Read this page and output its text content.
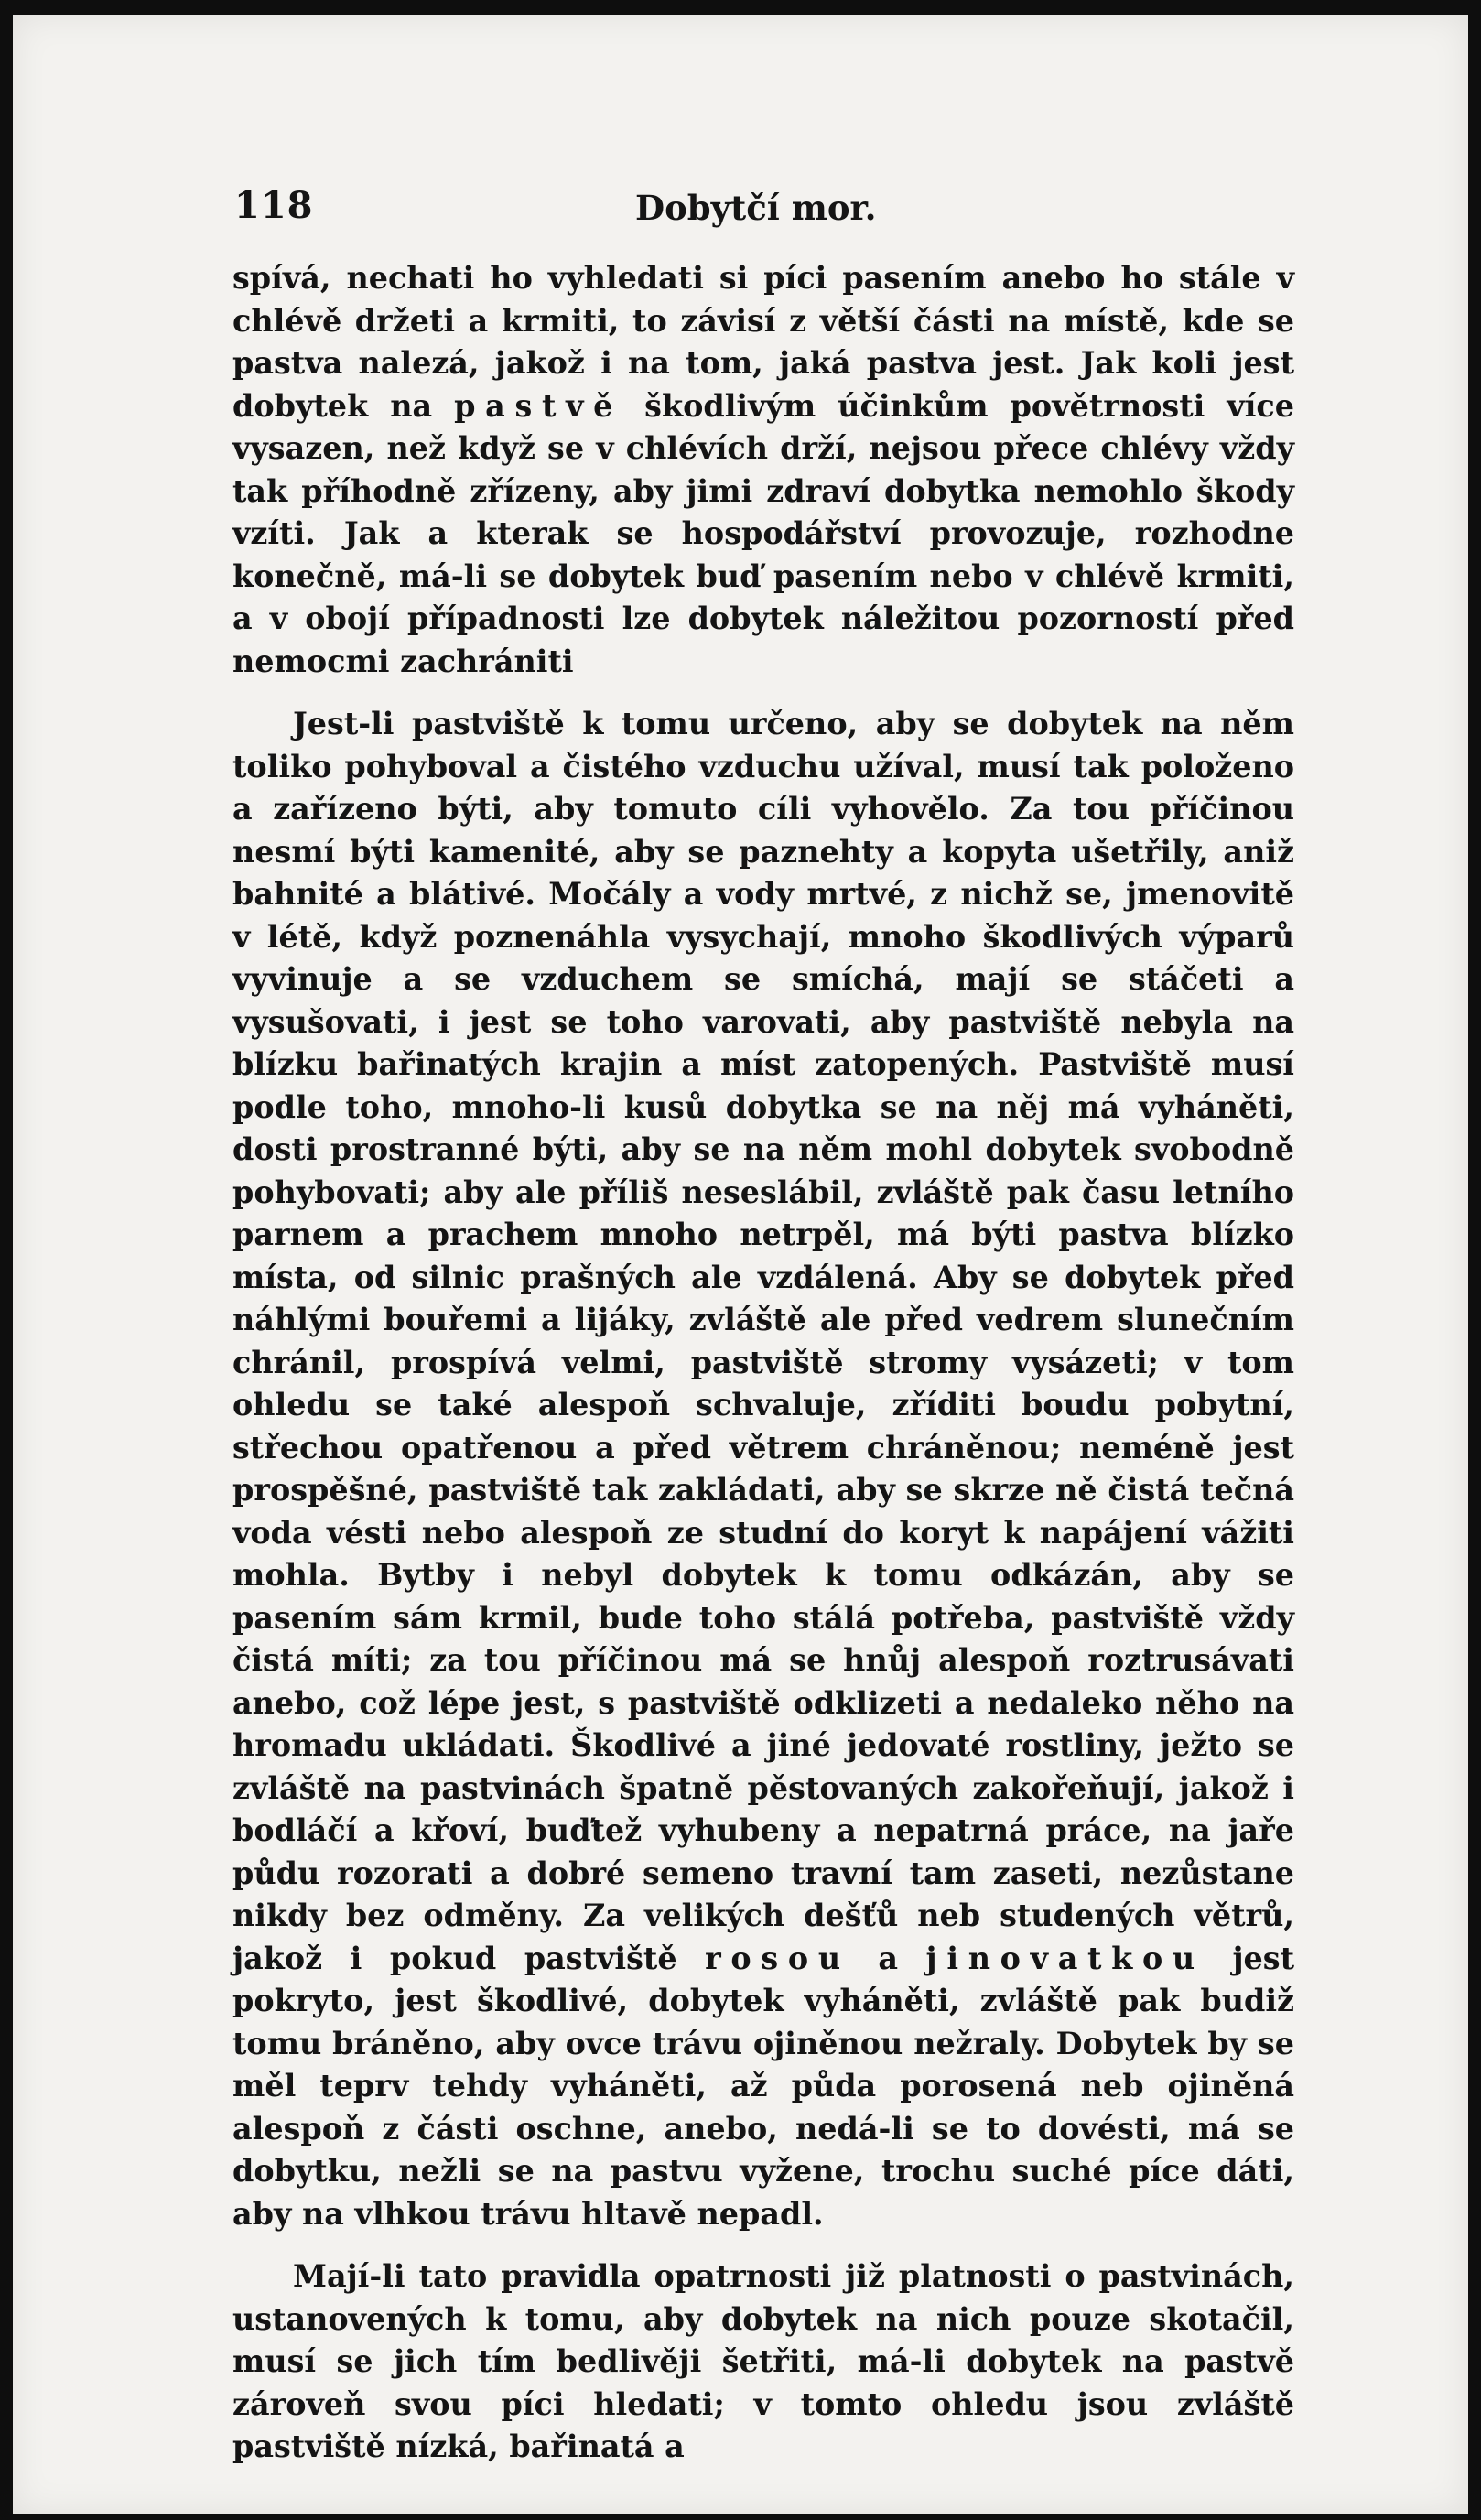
118	Dobytčí mor.

spívá, nechati ho vyhledati si píci pasením anebo ho stále v chlévě držeti a krmiti, to závisí z větší části na místě, kde se pastva nalezá, jakož i na tom, jaká pastva jest. Jak koli jest dobytek na pastvě škodlivým účinkům povětrnosti více vysazen, než když se v chlévích drží, nejsou přece chlévy vždy tak příhodně zřízeny, aby jimi zdraví dobytka nemohlo škody vzíti. Jak a kterak se hospodářství provozuje, rozhodne konečně, má-li se dobytek buď pasením nebo v chlévě krmiti, a v obojí případnosti lze dobytek náležitou pozorností před nemocmi zachrániti

Jest-li pastviště k tomu určeno, aby se dobytek na něm toliko pohyboval a čistého vzduchu užíval, musí tak položeno a zařízeno býti, aby tomuto cíli vyhovělo. Za tou příčinou nesmí býti kamenité, aby se paznehty a kopyta ušetřily, aniž bahnité a blátivé. Močály a vody mrtvé, z nichž se, jmenovitě v létě, když poznenáhla vysychají, mnoho škodlivých výparů vyvinuje a se vzduchem se smíchá, mají se stáčeti a vysušovati, i jest se toho varovati, aby pastviště nebyla na blízku bařinatých krajin a míst zatopených. Pastviště musí podle toho, mnoho-li kusů dobytka se na něj má vyháněti, dosti prostranné býti, aby se na něm mohl dobytek svobodně pohybovati; aby ale příliš neseslábil, zvláště pak času letního parnem a prachem mnoho netrpěl, má býti pastva blízko místa, od silnic prašných ale vzdálená. Aby se dobytek před náhlými bouřemi a lijáky, zvláště ale před vedrem slunečním chránil, prospívá velmi, pastviště stromy vysázeti; v tom ohledu se také alespoň schvaluje, zříditi boudu pobytní, střechou opatřenou a před větrem chráněnou; neméně jest prospěšné, pastviště tak zakládati, aby se skrze ně čistá tečná voda vésti nebo alespoň ze studní do koryt k napájení vážiti mohla. Bytby i nebyl dobytek k tomu odkázán, aby se pasením sám krmil, bude toho stálá potřeba, pastviště vždy čistá míti; za tou příčinou má se hnůj alespoň roztrusávati anebo, což lépe jest, s pastviště odklizeti a nedaleko něho na hromadu ukládati. Škodlivé a jiné jedovaté rostliny, ježto se zvláště na pastvinách špatně pěstovaných zakořeňují, jakož i bodláčí a křoví, buďtež vyhubeny a nepatrná práce, na jaře půdu rozorati a dobré semeno travní tam zaseti, nezůstane nikdy bez odměny. Za velikých dešťů neb studených větrů, jakož i pokud pastviště rosou a jinovatkou jest pokryto, jest škodlivé, dobytek vyháněti, zvláště pak budiž tomu bráněno, aby ovce trávu ojiněnou nežraly. Dobytek by se měl teprv tehdy vyháněti, až půda porosená neb ojiněná alespoň z části oschne, anebo, nedá-li se to dovésti, má se dobytku, nežli se na pastvu vyžene, trochu suché píce dáti, aby na vlhkou trávu hltavě nepadl.

Mají-li tato pravidla opatrnosti již platnosti o pastvinách, ustanovených k tomu, aby dobytek na nich pouze skotačil, musí se jich tím bedlivěji šetřiti, má-li dobytek na pastvě zároveň svou píci hledati; v tomto ohledu jsou zvláště pastviště nízká, bařinatá a
